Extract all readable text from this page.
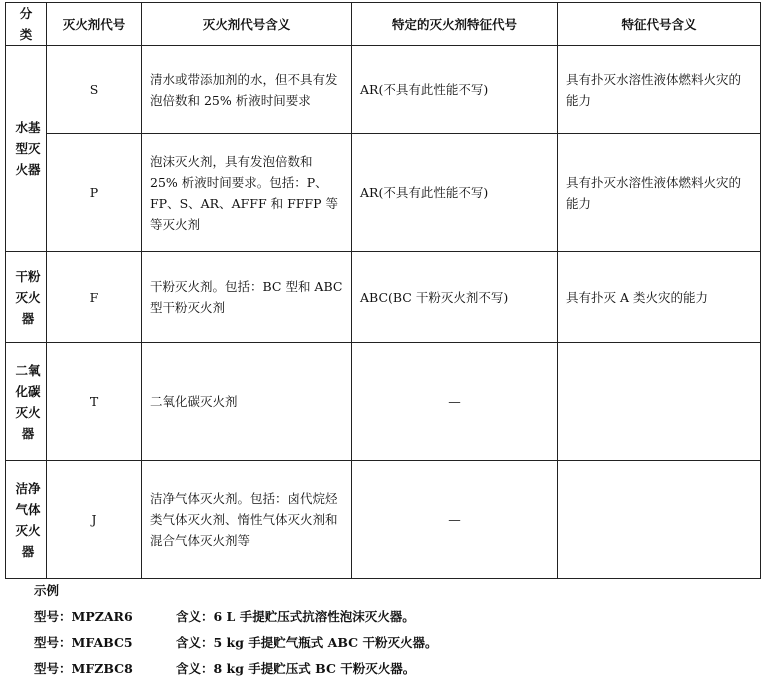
分类	灭火剂代号	灭火剂代号含义	特定的灭火剂特征代号	特征代号含义
水基型灭火器	S	清水或带添加剂的水，但不具有发泡倍数和 25% 析液时间要求	AR(不具有此性能不写)	具有扑灭水溶性液体燃料火灾的能力
	P	泡沫灭火剂，具有发泡倍数和 25% 析液时间要求。包括：P、FP、S、AR、AFFF 和 FFFP 等等灭火剂	AR(不具有此性能不写)	具有扑灭水溶性液体燃料火灾的能力
干粉灭火器	F	干粉灭火剂。包括：BC 型和 ABC 型干粉灭火剂	ABC(BC 干粉灭火剂不写)	具有扑灭 A 类火灾的能力
二氧化碳灭火器	T	二氧化碳灭火剂	—	
洁净气体灭火器	J	洁净气体灭火剂。包括：卤代烷烃类气体灭火剂、惰性气体灭火剂和混合气体灭火剂等	—	
示例
型号：MPZAR6	含义：6 L 手提贮压式抗溶性泡沫灭火器。
型号：MFABC5	含义：5 kg 手提贮气瓶式 ABC 干粉灭火器。
型号：MFZBC8	含义：8 kg 手提贮压式 BC 干粉灭火器。
